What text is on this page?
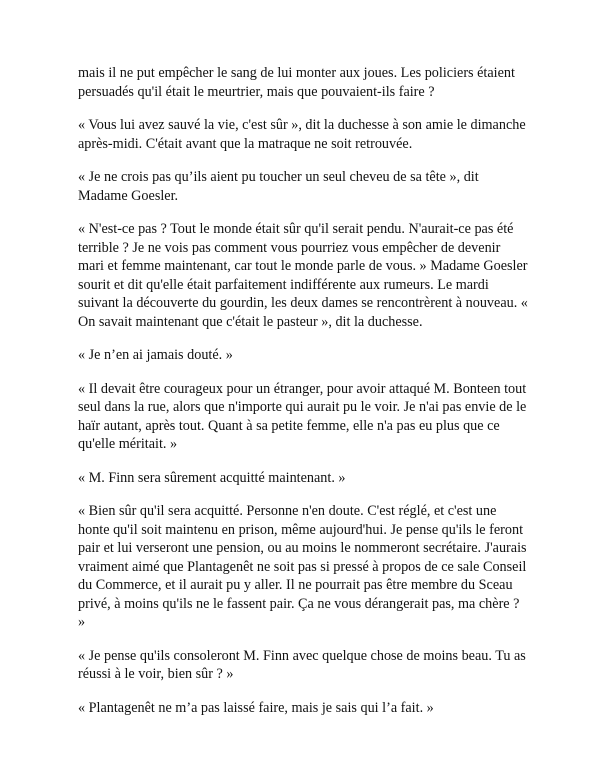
mais il ne put empêcher le sang de lui monter aux joues. Les policiers étaient persuadés qu'il était le meurtrier, mais que pouvaient-ils faire ?

« Vous lui avez sauvé la vie, c'est sûr », dit la duchesse à son amie le dimanche après-midi. C'était avant que la matraque ne soit retrouvée.

« Je ne crois pas qu’ils aient pu toucher un seul cheveu de sa tête », dit Madame Goesler.

« N'est-ce pas ? Tout le monde était sûr qu'il serait pendu. N'aurait-ce pas été terrible ? Je ne vois pas comment vous pourriez vous empêcher de devenir mari et femme maintenant, car tout le monde parle de vous. » Madame Goesler sourit et dit qu'elle était parfaitement indifférente aux rumeurs. Le mardi suivant la découverte du gourdin, les deux dames se rencontrèrent à nouveau. « On savait maintenant que c'était le pasteur », dit la duchesse.

« Je n’en ai jamais douté. »

« Il devait être courageux pour un étranger, pour avoir attaqué M. Bonteen tout seul dans la rue, alors que n'importe qui aurait pu le voir. Je n'ai pas envie de le haïr autant, après tout. Quant à sa petite femme, elle n'a pas eu plus que ce qu'elle méritait. »

« M. Finn sera sûrement acquitté maintenant. »

« Bien sûr qu'il sera acquitté. Personne n'en doute. C'est réglé, et c'est une honte qu'il soit maintenu en prison, même aujourd'hui. Je pense qu'ils le feront pair et lui verseront une pension, ou au moins le nommeront secrétaire. J'aurais vraiment aimé que Plantagenêt ne soit pas si pressé à propos de ce sale Conseil du Commerce, et il aurait pu y aller. Il ne pourrait pas être membre du Sceau privé, à moins qu'ils ne le fassent pair. Ça ne vous dérangerait pas, ma chère ? »

« Je pense qu'ils consoleront M. Finn avec quelque chose de moins beau. Tu as réussi à le voir, bien sûr ? »

« Plantagenêt ne m’a pas laissé faire, mais je sais qui l’a fait. »
